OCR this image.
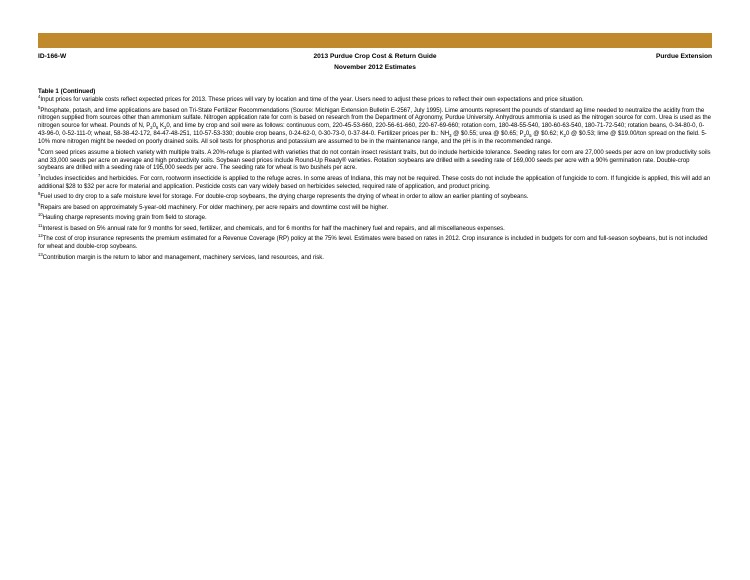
ID-166-W	2013 Purdue Crop Cost & Return Guide	Purdue Extension
November 2012 Estimates
Table 1 (Continued)

$^4$Input prices for variable costs reflect expected prices for 2013. These prices will vary by location and time of the year. Users need to adjust these prices to reflect their own expectations and price situation.

$^5$Phosphate, potash, and lime applications are based on Tri-State Fertilizer Recommendations (Source: Michigan Extension Bulletin E-2567, July 1995). Lime amounts represent the pounds of standard ag lime needed to neutralize the acidity from the nitrogen supplied from sources other than ammonium sulfate. Nitrogen application rate for corn is based on research from the Department of Agronomy, Purdue University. Anhydrous ammonia is used as the nitrogen source for corn. Urea is used as the nitrogen source for wheat. Pounds of N, $P_20_5$ $K_20$, and lime by crop and soil were as follows: continuous corn, 220-45-53-660, 220-56-61-660, 220-67-69-660; rotation corn, 180-48-55-540, 180-60-63-540, 180-71-72-540; rotation beans, 0-34-80-0, 0-43-96-0, 0-52-111-0; wheat, 58-38-42-172, 84-47-48-251, 110-57-53-330; double crop beans, 0-24-62-0, 0-30-73-0, 0-37-84-0. Fertilizer prices per lb.: $NH_3$ @ $0.55; urea @ $0.65; $P_20_5$ @ $0.62; $K_20$ @ $0.53; lime @ $19.00/ton spread on the field. 5-10% more nitrogen might be needed on poorly drained soils. All soil tests for phosphorus and potassium are assumed to be in the maintenance range, and the pH is in the recommended range.

$^6$Corn seed prices assume a biotech variety with multiple traits. A 20%-refuge is planted with varieties that do not contain insect resistant traits, but do include herbicide tolerance. Seeding rates for corn are 27,000 seeds per acre on low productivity soils and 33,000 seeds per acre on average and high productivity soils. Soybean seed prices include Round-Up Ready® varieties. Rotation soybeans are drilled with a seeding rate of 169,000 seeds per acre with a 90% germination rate. Double-crop soybeans are drilled with a seeding rate of 195,000 seeds per acre. The seeding rate for wheat is two bushels per acre.

$^7$Includes insecticides and herbicides. For corn, rootworm insecticide is applied to the refuge acres. In some areas of Indiana, this may not be required. These costs do not include the application of fungicide to corn. If fungicide is applied, this will add an additional $28 to $32 per acre for material and application. Pesticide costs can vary widely based on herbicides selected, required rate of application, and product pricing.

$^8$Fuel used to dry crop to a safe moisture level for storage. For double-crop soybeans, the drying charge represents the drying of wheat in order to allow an earlier planting of soybeans.

$^9$Repairs are based on approximately 5-year-old machinery. For older machinery, per acre repairs and downtime cost will be higher.

$^{10}$Hauling charge represents moving grain from field to storage.

$^{11}$Interest is based on 5% annual rate for 9 months for seed, fertilizer, and chemicals, and for 6 months for half the machinery fuel and repairs, and all miscellaneous expenses.

$^{12}$The cost of crop insurance represents the premium estimated for a Revenue Coverage (RP) policy at the 75% level. Estimates were based on rates in 2012. Crop insurance is included in budgets for corn and full-season soybeans, but is not included for wheat and double-crop soybeans.

$^{13}$Contribution margin is the return to labor and management, machinery services, land resources, and risk.
